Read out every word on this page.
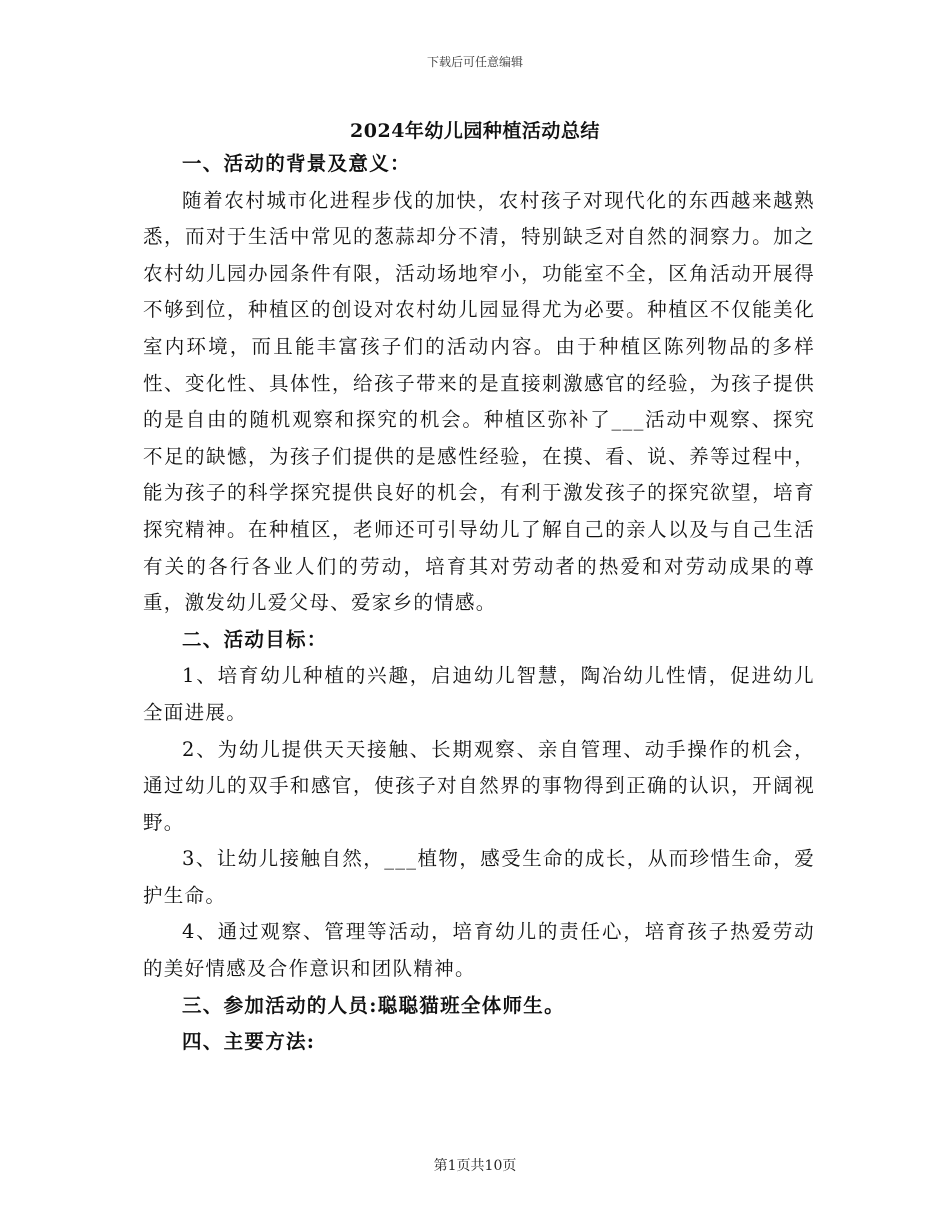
下载后可任意编辑
2024年幼儿园种植活动总结

一、活动的背景及意义：

随着农村城市化进程步伐的加快，农村孩子对现代化的东西越来越熟悉，而对于生活中常见的葱蒜却分不清，特别缺乏对自然的洞察力。加之农村幼儿园办园条件有限，活动场地窄小，功能室不全，区角活动开展得不够到位，种植区的创设对农村幼儿园显得尤为必要。种植区不仅能美化室内环境，而且能丰富孩子们的活动内容。由于种植区陈列物品的多样性、变化性、具体性，给孩子带来的是直接刺激感官的经验，为孩子提供的是自由的随机观察和探究的机会。种植区弥补了___活动中观察、探究不足的缺憾，为孩子们提供的是感性经验，在摸、看、说、养等过程中，能为孩子的科学探究提供良好的机会，有利于激发孩子的探究欲望，培育探究精神。在种植区，老师还可引导幼儿了解自己的亲人以及与自己生活有关的各行各业人们的劳动，培育其对劳动者的热爱和对劳动成果的尊重，激发幼儿爱父母、爱家乡的情感。

二、活动目标：

1、培育幼儿种植的兴趣，启迪幼儿智慧，陶冶幼儿性情，促进幼儿全面进展。

2、为幼儿提供天天接触、长期观察、亲自管理、动手操作的机会，通过幼儿的双手和感官，使孩子对自然界的事物得到正确的认识，开阔视野。

3、让幼儿接触自然，___植物，感受生命的成长，从而珍惜生命，爱护生命。

4、通过观察、管理等活动，培育幼儿的责任心，培育孩子热爱劳动的美好情感及合作意识和团队精神。

三、参加活动的人员:聪聪猫班全体师生。

四、主要方法:

第1页共10页
